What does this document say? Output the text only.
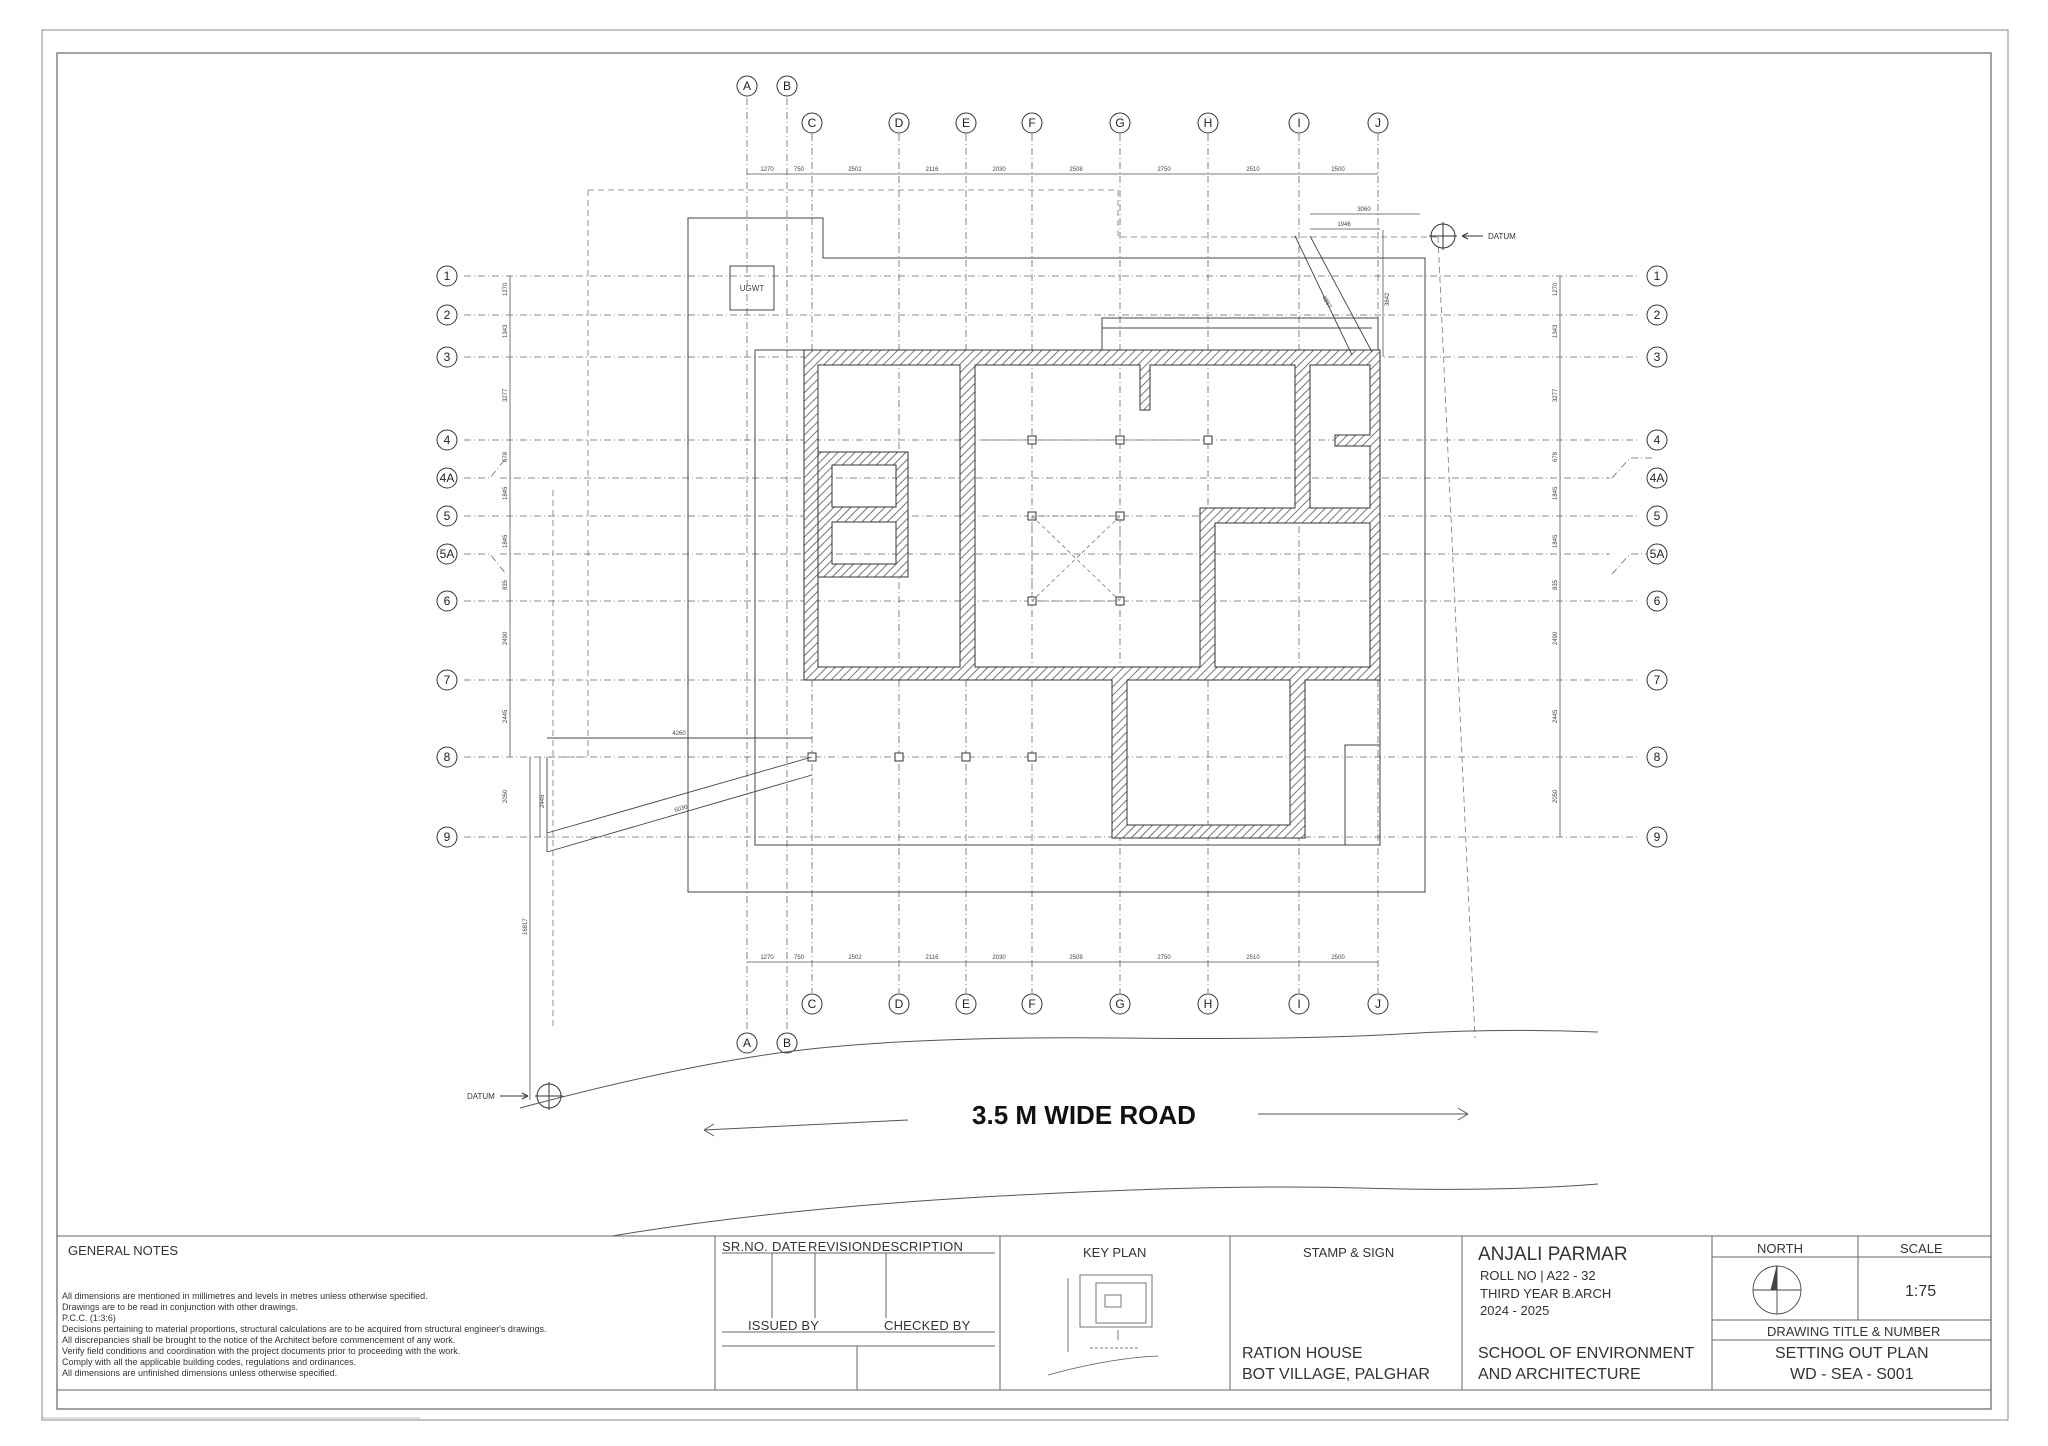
1270	750	2502	2116	2030	2508	2750	2510	2500
1270	750	2502	2116	2030	2508	2750	2510	2500
1270
1343
3277
678
1845
1845
835
2490
2445
2050
1270
1343
3277
678
1845
1845
835
2490
2445
2050
3060
1946
3642
4867
4260
2445
6030
16817
UGWT
A	B
C	D	E	F	G	H	I	J
C	D	E	F	G	H	I	J
A	B
1
2
3
4
4A
5
5A
6
7
8
9
1
2
3
4
4A
5
5A
6
7
8
9
DATUM
DATUM
3.5 M WIDE ROAD
GENERAL NOTES
All dimensions are mentioned in millimetres and levels in metres unless otherwise specified.
Drawings are to be read in conjunction with other drawings.
P.C.C. (1:3:6)
Decisions pertaining to material proportions, structural calculations are to be acquired from structural engineer's drawings.
All discrepancies shall be brought to the notice of the Architect before commencement of any work.
Verify field conditions and coordination with the project documents prior to proceeding with the work.
Comply with all the applicable building codes, regulations and ordinances.
All dimensions are unfinished dimensions unless otherwise specified.
SR.NO. DATE REVISION DESCRIPTION
ISSUED BY	CHECKED BY
KEY PLAN	STAMP & SIGN
RATION HOUSE
BOT VILLAGE, PALGHAR
ANJALI PARMAR
ROLL NO | A22 - 32
THIRD YEAR B.ARCH
2024 - 2025
SCHOOL OF ENVIRONMENT
AND ARCHITECTURE
NORTH	SCALE
1:75
DRAWING TITLE & NUMBER
SETTING OUT PLAN
WD - SEA - S001
